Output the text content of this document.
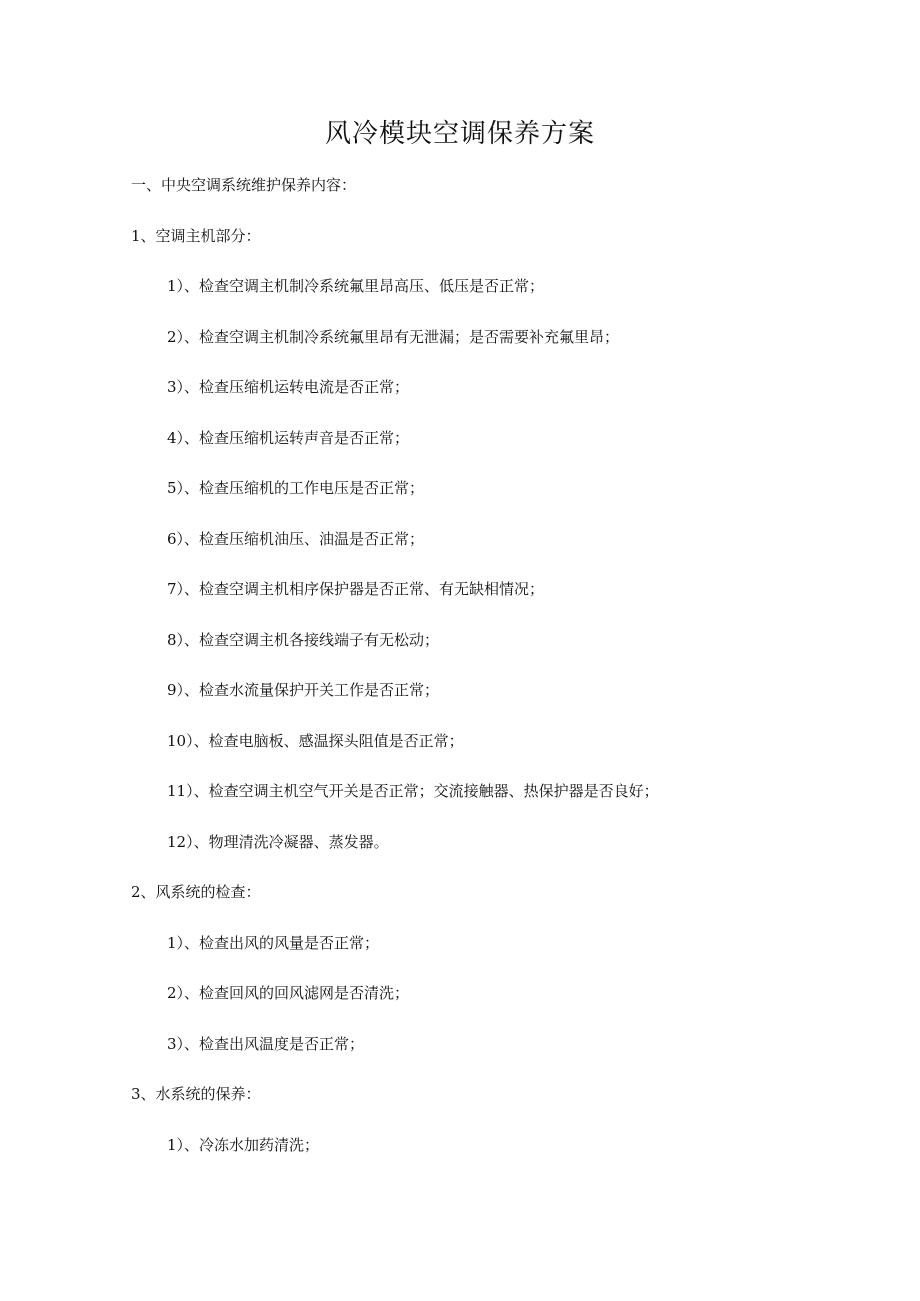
风冷模块空调保养方案

一、中央空调系统维护保养内容：

1、空调主机部分：

1）、检查空调主机制冷系统氟里昂高压、低压是否正常；

2）、检查空调主机制冷系统氟里昂有无泄漏；是否需要补充氟里昂；

3）、检查压缩机运转电流是否正常；

4）、检查压缩机运转声音是否正常；

5）、检查压缩机的工作电压是否正常；

6）、检查压缩机油压、油温是否正常；

7）、检查空调主机相序保护器是否正常、有无缺相情况；

8）、检查空调主机各接线端子有无松动；

9）、检查水流量保护开关工作是否正常；

10）、检查电脑板、感温探头阻值是否正常；

11）、检查空调主机空气开关是否正常；交流接触器、热保护器是否良好；

12）、物理清洗冷凝器、蒸发器。

2、风系统的检查：

1）、检查出风的风量是否正常；

2）、检查回风的回风滤网是否清洗；

3）、检查出风温度是否正常；

3、水系统的保养：

1）、冷冻水加药清洗；
